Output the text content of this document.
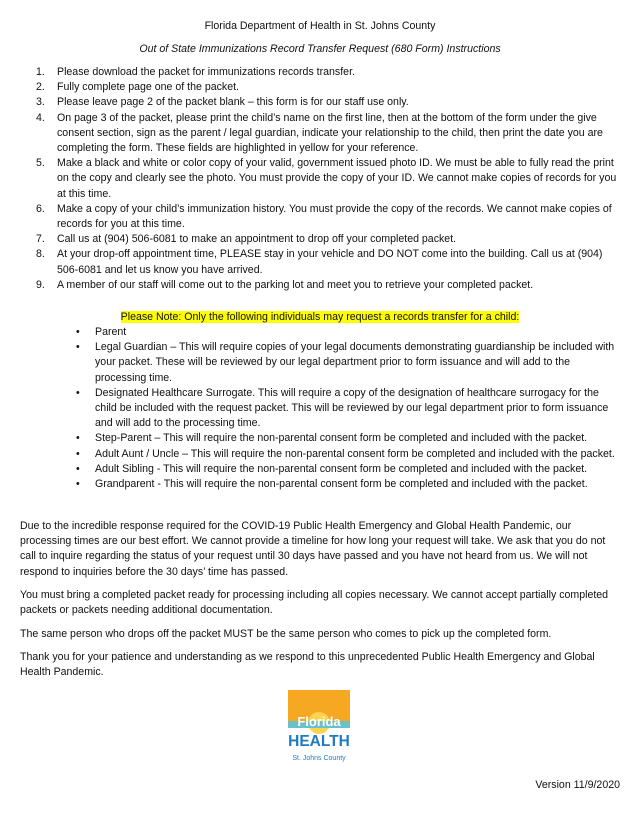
Florida Department of Health in St. Johns County
Out of State Immunizations Record Transfer Request (680 Form) Instructions
1. Please download the packet for immunizations records transfer.
2. Fully complete page one of the packet.
3. Please leave page 2 of the packet blank – this form is for our staff use only.
4. On page 3 of the packet, please print the child’s name on the first line, then at the bottom of the form under the give consent section, sign as the parent / legal guardian, indicate your relationship to the child, then print the date you are completing the form. These fields are highlighted in yellow for your reference.
5. Make a black and white or color copy of your valid, government issued photo ID. We must be able to fully read the print on the copy and clearly see the photo. You must provide the copy of your ID. We cannot make copies of records for you at this time.
6. Make a copy of your child’s immunization history. You must provide the copy of the records. We cannot make copies of records for you at this time.
7. Call us at (904) 506-6081 to make an appointment to drop off your completed packet.
8. At your drop-off appointment time, PLEASE stay in your vehicle and DO NOT come into the building. Call us at (904) 506-6081 and let us know you have arrived.
9. A member of our staff will come out to the parking lot and meet you to retrieve your completed packet.
Please Note: Only the following individuals may request a records transfer for a child:
• Parent
• Legal Guardian – This will require copies of your legal documents demonstrating guardianship be included with your packet. These will be reviewed by our legal department prior to form issuance and will add to the processing time.
• Designated Healthcare Surrogate. This will require a copy of the designation of healthcare surrogacy for the child be included with the request packet. This will be reviewed by our legal department prior to form issuance and will add to the processing time.
• Step-Parent – This will require the non-parental consent form be completed and included with the packet.
• Adult Aunt / Uncle – This will require the non-parental consent form be completed and included with the packet.
• Adult Sibling - This will require the non-parental consent form be completed and included with the packet.
• Grandparent - This will require the non-parental consent form be completed and included with the packet.

Due to the incredible response required for the COVID-19 Public Health Emergency and Global Health Pandemic, our processing times are our best effort. We cannot provide a timeline for how long your request will take. We ask that you do not call to inquire regarding the status of your request until 30 days have passed and you have not heard from us. We will not respond to inquiries before the 30 days’ time has passed.

You must bring a completed packet ready for processing including all copies necessary. We cannot accept partially completed packets or packets needing additional documentation.

The same person who drops off the packet MUST be the same person who comes to pick up the completed form.

Thank you for your patience and understanding as we respond to this unprecedented Public Health Emergency and Global Health Pandemic.

Florida
HEALTH
St. Johns County
Version 11/9/2020
